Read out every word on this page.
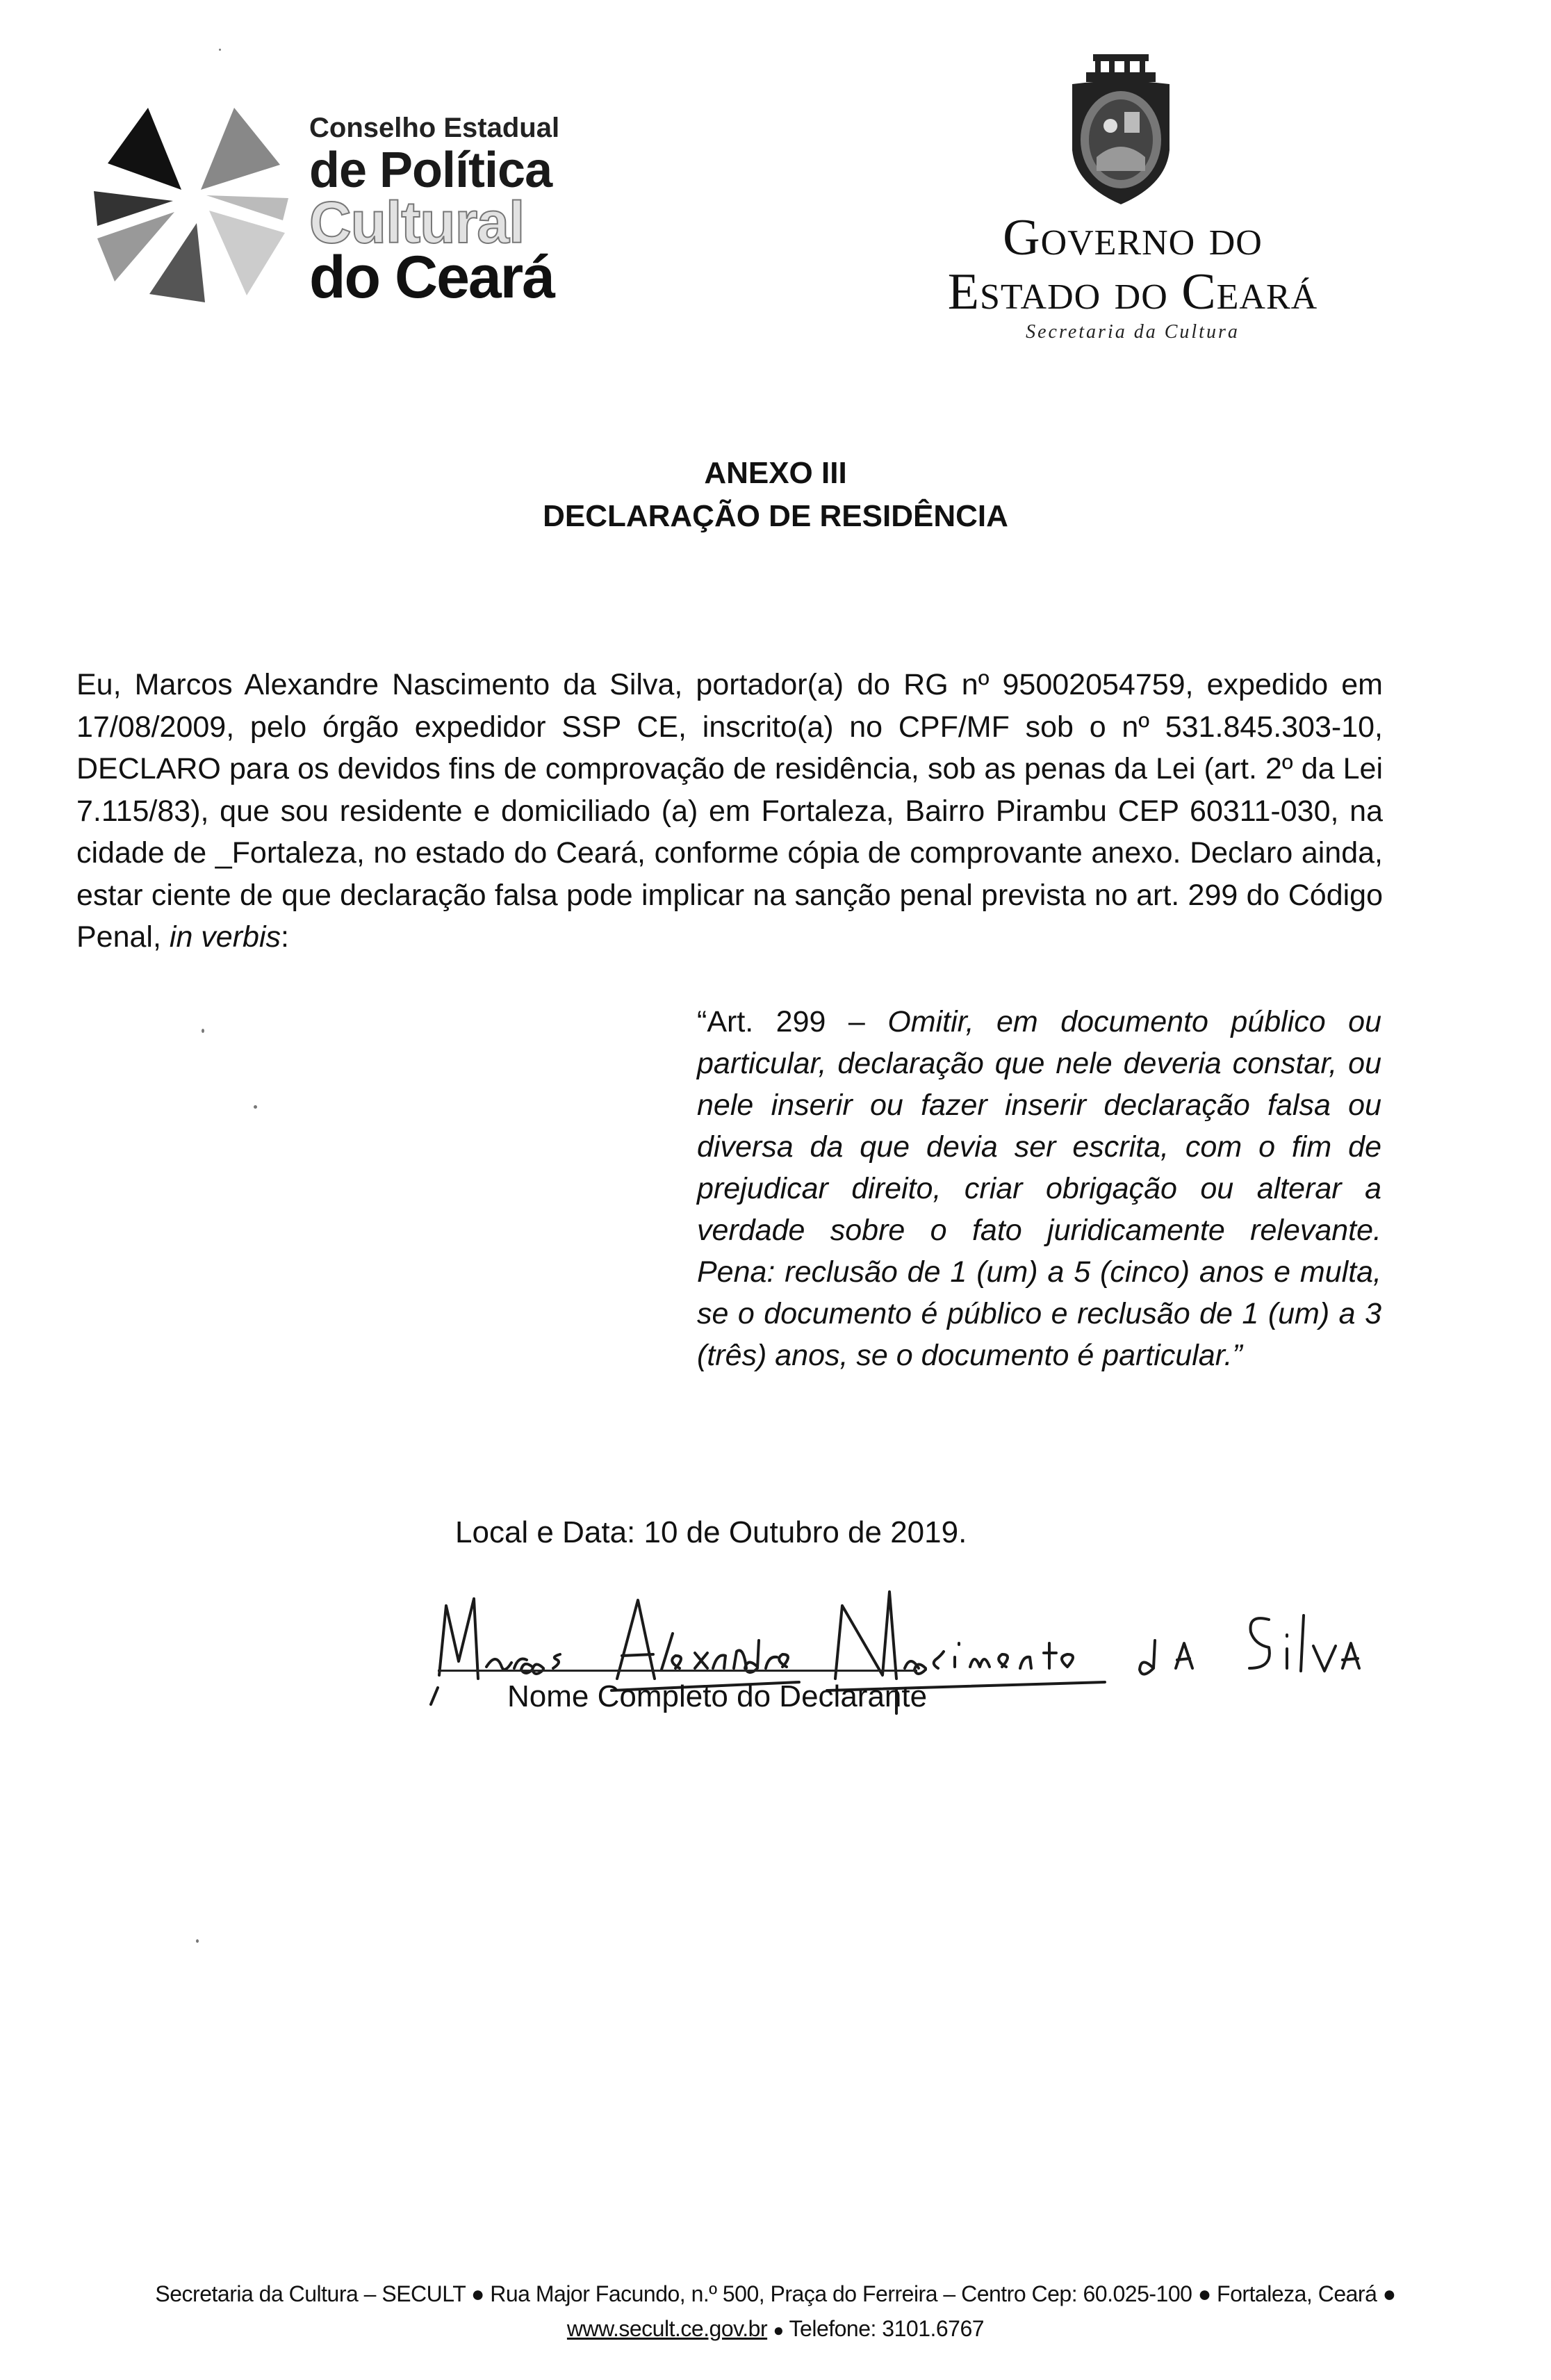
Conselho Estadual
de Política
Cultural
do Ceará
Governo do
Estado do Ceará
Secretaria da Cultura
ANEXO III
DECLARAÇÃO DE RESIDÊNCIA
Eu, Marcos Alexandre Nascimento da Silva, portador(a) do RG nº 95002054759, expedido em 17/08/2009, pelo órgão expedidor SSP CE, inscrito(a) no CPF/MF sob o nº 531.845.303-10, DECLARO para os devidos fins de comprovação de residência, sob as penas da Lei (art. 2º da Lei 7.115/83), que sou residente e domiciliado (a) em Fortaleza, Bairro Pirambu CEP 60311-030, na cidade de _Fortaleza, no estado do Ceará, conforme cópia de comprovante anexo. Declaro ainda, estar ciente de que declaração falsa pode implicar na sanção penal prevista no art. 299 do Código Penal, in verbis:
“Art. 299 – Omitir, em documento público ou particular, declaração que nele deveria constar, ou nele inserir ou fazer inserir declaração falsa ou diversa da que devia ser escrita, com o fim de prejudicar direito, criar obrigação ou alterar a verdade sobre o fato juridicamente relevante. Pena: reclusão de 1 (um) a 5 (cinco) anos e multa, se o documento é público e reclusão de 1 (um) a 3 (três) anos, se o documento é particular.”
Local e Data: 10 de Outubro de 2019.
Nome Completo do Declarante
Secretaria da Cultura – SECULT ● Rua Major Facundo, n.º 500, Praça do Ferreira – Centro Cep: 60.025-100 ● Fortaleza, Ceará ●
www.secult.ce.gov.br ● Telefone: 3101.6767
